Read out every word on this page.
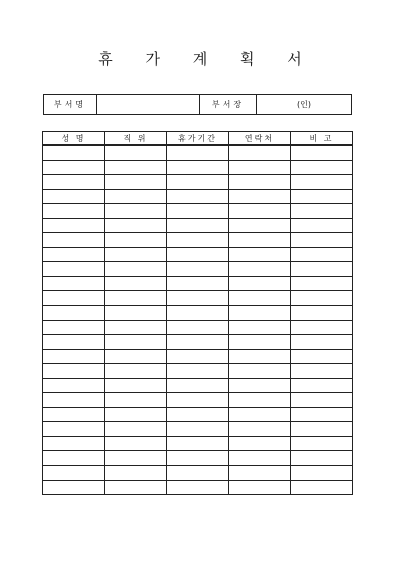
휴 가 계 획 서
부서명		부서장	(인)
성 명	직 위	휴가기간	연락처	비 고
